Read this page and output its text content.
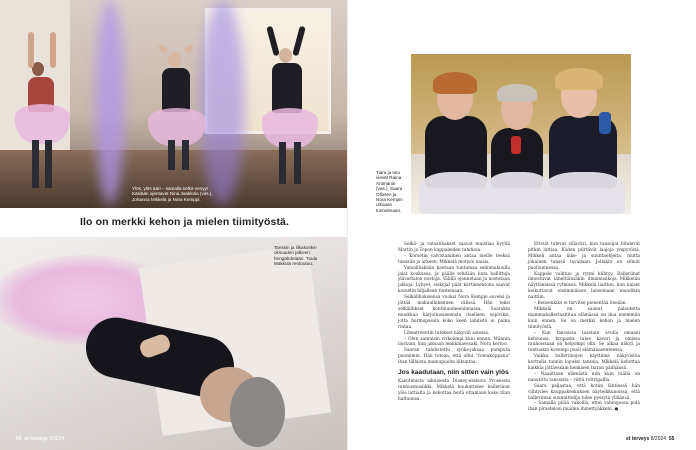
Ylös, ylös ääri – samalla selkä venyy!
Käsiään ojentavat Nina Jaakkola (vas.),
Johanna Mikkelä ja Nora Kemppi.
Ilo on merkki kehon ja mielen tiimityöstä.
Tanssin ja liikakonks-
oksuuden jälkeen
hengähdetään. Tuula
Makkula rentoutuu.
54 et terveys 8/2024
Tiara ja tutu
vievät Raina
Antmanin
(vas.), Saara
Ollosen ja
Nora Kempin
ulkoaan
tunnelmaan.

Selkä- ja vatsalihakset saavat maistiaa kyytiä Martin ja Topon kappaleiden tahdissa.

– Korsetin valvistaminen antaa meille teeksä tanssiin ja arkeen, Mikkelä motivoi naisia.

Vatsalihaksiin haetaan tuntumaa selinmakuulla jalat koukussa, ja päälle tehdään liuta hallittuja ylävartalon nostoja. Välillä ojennetaan ja nostetaan jalkoja. Lyhyet, siskojat päät kärtämentona saavat korsetin hiljalleen tuntemaan.

Selkälihaksiensa vuoksi Nora Kemppi sovelsi ja jättää makuulliikennen välissä. Hän teksi selkälihkset kontinuuineeninnassa. Saarakin muokkaa harjoitusaseensta itselleen sopiviksi, jotta hermopassin koko keen lahdistö ei paina rintaa.

Liheatreentin tulokset näkyvät asiessa.

– Olen aamuisin virkeämpi kuin ennen. Männin ilostaan, kun jaksaan lenkkinaessaki, Nora kertoo.

Saaran tahdistettu syöks-jaksaa pumputa puomimin. Hän toteaa, että ollut "romukoppana" ihan tällaista mainupuolta liikuntaa.

Jos kaadutaan, niin sitten vain ylös

Kaisitimista aikuisesta Disney-elokuva Prosessin tunnusmusiikki. Mikkelä houkuttelee balleriinat ylös lattialta ja kehottaa heitä ottamaan koko tilan haltuunsa.

Ettviät tulevat villaväri, kun tanssijat liitelevät pitkin lattiaa. Käden piirtävät laajoja ympyröitä. Mikkeli antaa liike- ja suuntaohjeita, mutta jokainen tanssii tavallaan. Jollakin on silmät puoliumnessa.

Kappale vaihtuu ja rytmi kiihtyy. Balleriinat innostuvat läheltiänsäkin ilmamusikoja Mikkelän näyttämässä rytmissä. Mikkelä liaittuu, kun naiset keikuttavat ensimmäisen lanseinaan muodikin naittiin.

– Kensenkiks ei tarvitse pienentää itseään.

Mikkelä on saanut palautetta mammaballerinaltitaa elämässä on ilua enemmän kuin ennen. Se on merkki kehon ja mielen tiimityöstä.

– Kun tanssissa laastain avulla omaani kehoonsa, kropasta tulee kaveri ja omissa rauhoissaan on helpompi olla. Se aikaa näkyä ja tuntuakin kovempi puoli elämänasenteessa.

Vaikka balleriinojen käyttämä näkyvistöa korttelia tunnin lopuksi tanssia, Mikkelä kehottaa kaikkia jättäessäin henkisen tiaran päähänsä.

– Naaiittaan elämästä niin kuin täällä on naautittu tanssista – riittä rottrigallla.

Saara paljastaa, että kotiin lähtiessä hän viihtyilee kauppakeskuksen näyteikkunoissa, että balleriinan suunnittelija tulee pyssytä ylläänsä.

– Samalla pitää vakoilla, ettei vahingossa pidä ihan pirastelosi muiden ihmettyäkkeni. ●

et terveys 8/2024 55
